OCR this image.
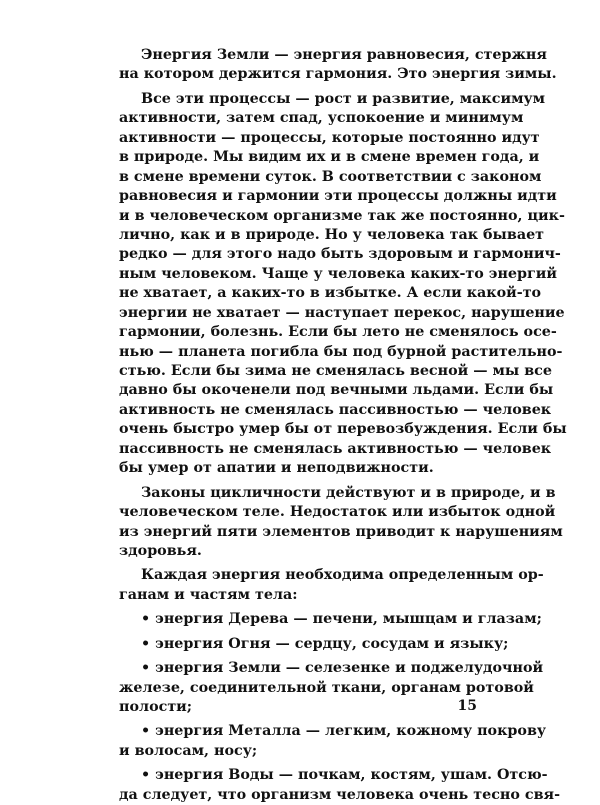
Энергия Земли — энергия равновесия, стержня
на котором держится гармония. Это энергия зимы.
Все эти процессы — рост и развитие, максимум
активности, затем спад, успокоение и минимум
активности — процессы, которые постоянно идут
в природе. Мы видим их и в смене времен года, и
в смене времени суток. В соответствии с законом
равновесия и гармонии эти процессы должны идти
и в человеческом организме так же постоянно, цик-
лично, как и в природе. Но у человека так бывает
редко — для этого надо быть здоровым и гармонич-
ным человеком. Чаще у человека каких-то энергий
не хватает, а каких-то в избытке. А если какой-то
энергии не хватает — наступает перекос, нарушение
гармонии, болезнь. Если бы лето не сменялось осе-
нью — планета погибла бы под бурной растительно-
стью. Если бы зима не сменялась весной — мы все
давно бы окоченели под вечными льдами. Если бы
активность не сменялась пассивностью — человек
очень быстро умер бы от перевозбуждения. Если бы
пассивность не сменялась активностью — человек
бы умер от апатии и неподвижности.
Законы цикличности действуют и в природе, и в
человеческом теле. Недостаток или избыток одной
из энергий пяти элементов приводит к нарушениям
здоровья.
Каждая энергия необходима определенным ор-
ганам и частям тела:
• энергия Дерева — печени, мышцам и глазам;
• энергия Огня — сердцу, сосудам и языку;
• энергия Земли — селезенке и поджелудочной
железе, соединительной ткани, органам ротовой
полости;
• энергия Металла — легким, кожному покрову
и волосам, носу;
• энергия Воды — почкам, костям, ушам. Отсю-
да следует, что организм человека очень тесно свя-
15
